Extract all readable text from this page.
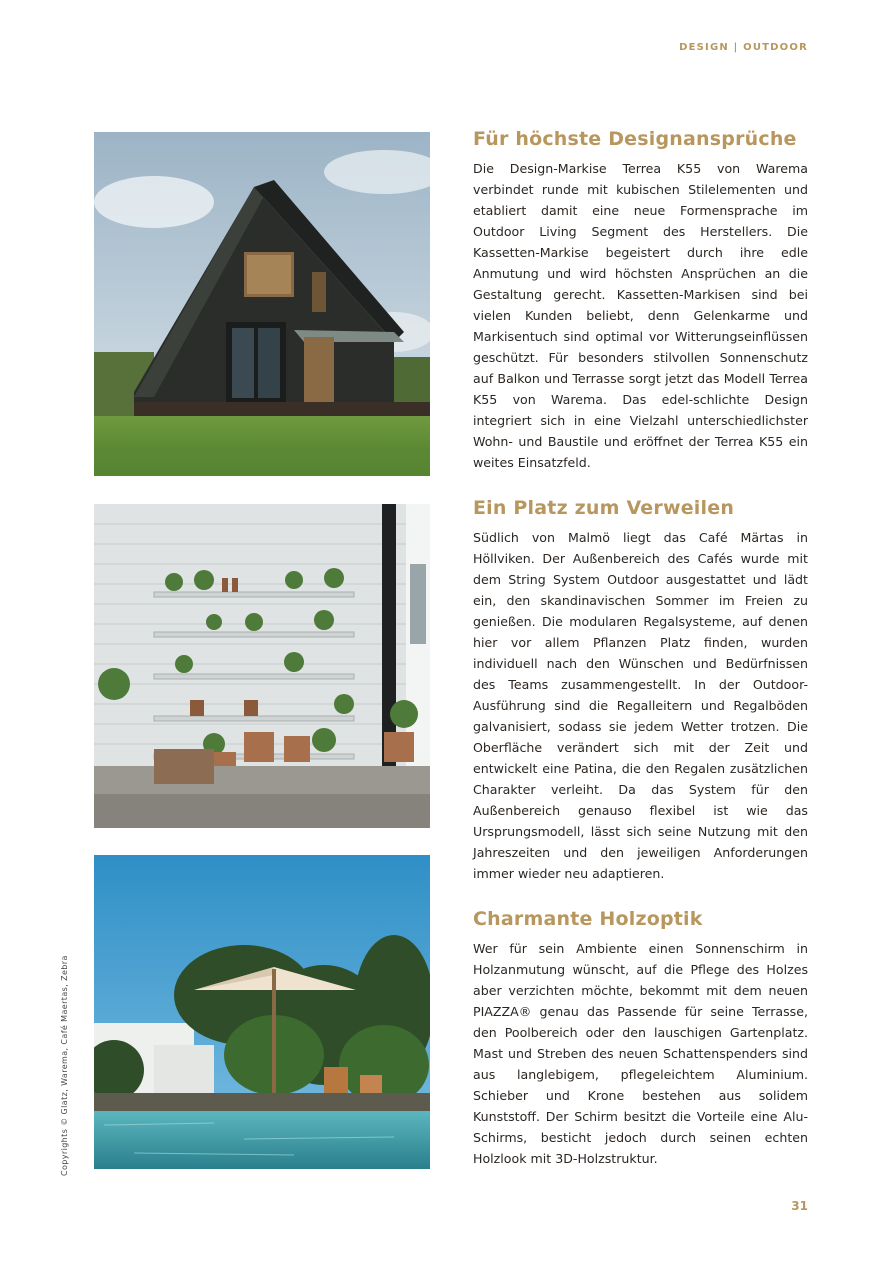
DESIGN | OUTDOOR
Für höchste Designansprüche

Die Design-Markise Terrea K55 von Warema verbindet runde mit kubischen Stilelementen und etabliert damit eine neue Formensprache im Outdoor Living Segment des Herstellers. Die Kassetten-Markise begeistert durch ihre edle Anmutung und wird höchsten Ansprüchen an die Gestaltung gerecht. Kassetten-Markisen sind bei vielen Kunden beliebt, denn Gelenkarme und Markisentuch sind optimal vor Witterungseinflüssen geschützt. Für besonders stilvollen Sonnenschutz auf Balkon und Terrasse sorgt jetzt das Modell Terrea K55 von Warema. Das edel-schlichte Design integriert sich in eine Vielzahl unterschiedlichster Wohn- und Baustile und eröffnet der Terrea K55 ein weites Einsatzfeld.

Ein Platz zum Verweilen

Südlich von Malmö liegt das Café Märtas in Höllviken. Der Außenbereich des Cafés wurde mit dem String System Outdoor ausgestattet und lädt ein, den skandinavischen Sommer im Freien zu genießen. Die modularen Regalsysteme, auf denen hier vor allem Pflanzen Platz finden, wurden individuell nach den Wünschen und Bedürfnissen des Teams zusammengestellt. In der Outdoor-Ausführung sind die Regalleitern und Regalböden galvanisiert, sodass sie jedem Wetter trotzen. Die Oberfläche verändert sich mit der Zeit und entwickelt eine Patina, die den Regalen zusätzlichen Charakter verleiht. Da das System für den Außenbereich genauso flexibel ist wie das Ursprungsmodell, lässt sich seine Nutzung mit den Jahreszeiten und den jeweiligen Anforderungen immer wieder neu adaptieren.

Charmante Holzoptik

Wer für sein Ambiente einen Sonnenschirm in Holzanmutung wünscht, auf die Pflege des Holzes aber verzichten möchte, bekommt mit dem neuen PIAZZA® genau das Passende für seine Terrasse, den Poolbereich oder den lauschigen Gartenplatz. Mast und Streben des neuen Schattenspenders sind aus langlebigem, pflegeleichtem Aluminium. Schieber und Krone bestehen aus solidem Kunststoff. Der Schirm besitzt die Vorteile eine Alu-Schirms, besticht jedoch durch seinen echten Holzlook mit 3D-Holzstruktur.

Copyrights © Glatz, Warema, Café Maertas, Zebra
31
